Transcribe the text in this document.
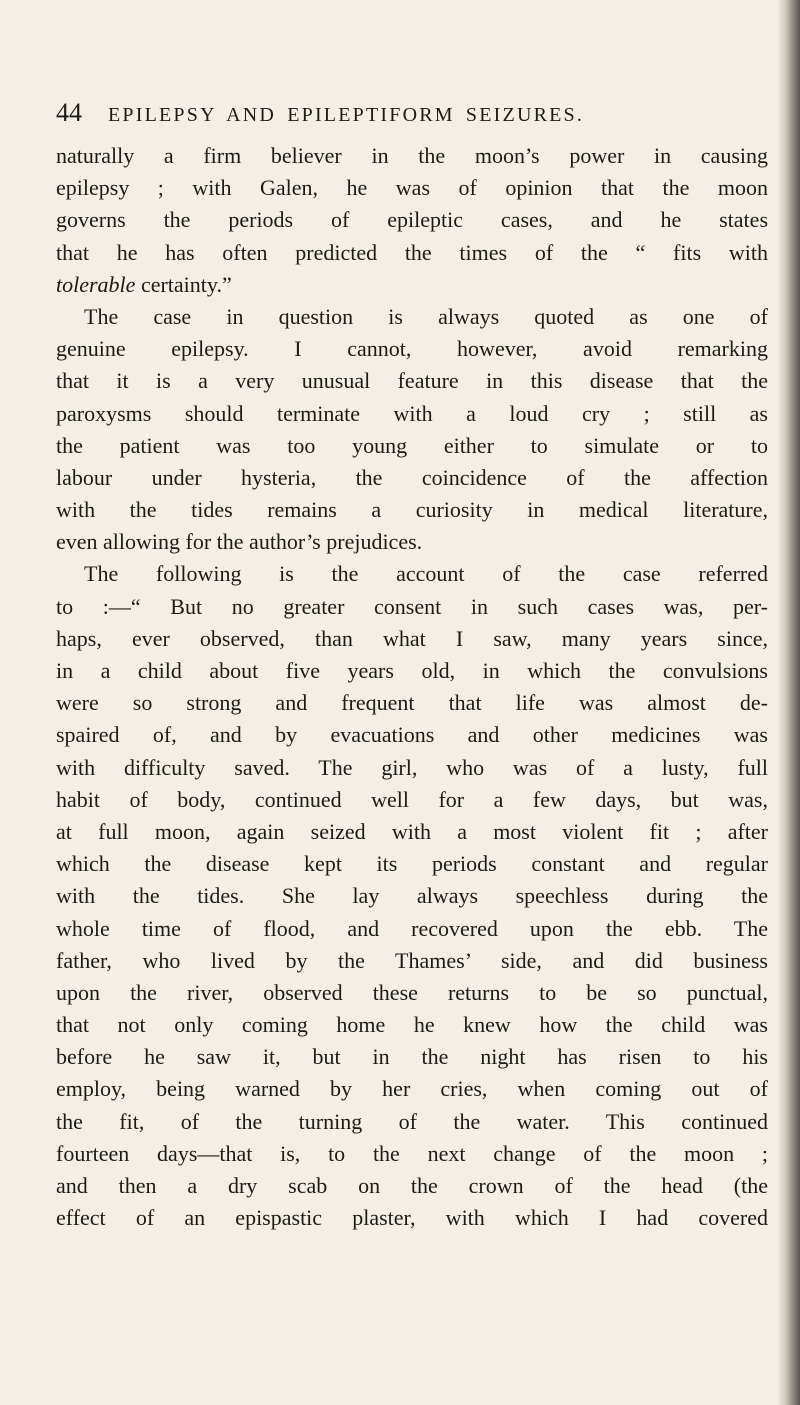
44	EPILEPSY AND EPILEPTIFORM SEIZURES.
naturally a firm believer in the moon’s power in causing
epilepsy ; with Galen, he was of opinion that the moon
governs the periods of epileptic cases, and he states
that he has often predicted the times of the “ fits with
tolerable certainty.”
The case in question is always quoted as one of
genuine epilepsy. I cannot, however, avoid remarking
that it is a very unusual feature in this disease that the
paroxysms should terminate with a loud cry ; still as
the patient was too young either to simulate or to
labour under hysteria, the coincidence of the affection
with the tides remains a curiosity in medical literature,
even allowing for the author’s prejudices.
The following is the account of the case referred
to :—“ But no greater consent in such cases was, per-
haps, ever observed, than what I saw, many years since,
in a child about five years old, in which the convulsions
were so strong and frequent that life was almost de-
spaired of, and by evacuations and other medicines was
with difficulty saved. The girl, who was of a lusty, full
habit of body, continued well for a few days, but was,
at full moon, again seized with a most violent fit ; after
which the disease kept its periods constant and regular
with the tides. She lay always speechless during the
whole time of flood, and recovered upon the ebb. The
father, who lived by the Thames’ side, and did business
upon the river, observed these returns to be so punctual,
that not only coming home he knew how the child was
before he saw it, but in the night has risen to his
employ, being warned by her cries, when coming out of
the fit, of the turning of the water. This continued
fourteen days—that is, to the next change of the moon ;
and then a dry scab on the crown of the head (the
effect of an epispastic plaster, with which I had covered
